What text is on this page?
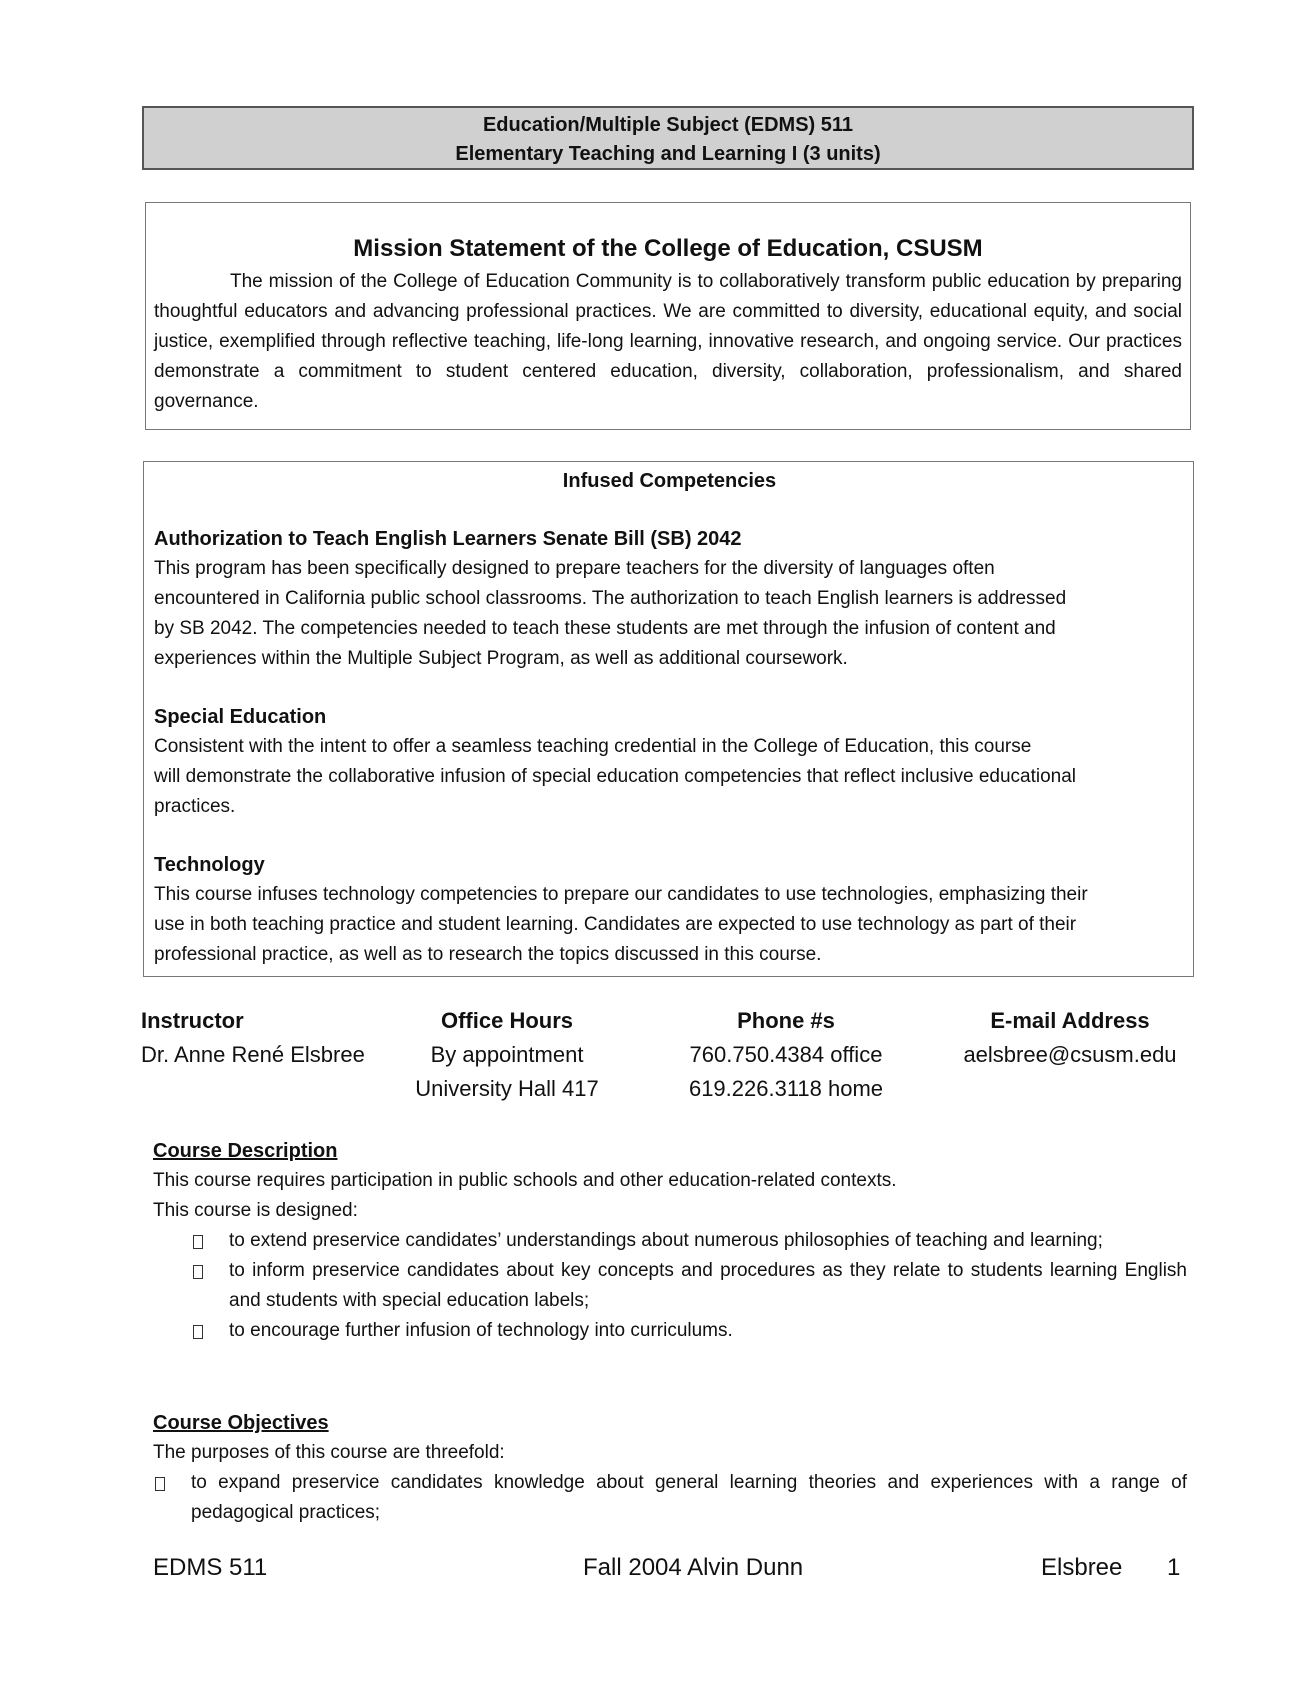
Education/Multiple Subject (EDMS) 511
Elementary Teaching and Learning I (3 units)

Mission Statement of the College of Education, CSUSM

The mission of the College of Education Community is to collaboratively transform public education by preparing thoughtful educators and advancing professional practices. We are committed to diversity, educational equity, and social justice, exemplified through reflective teaching, life-long learning, innovative research, and ongoing service. Our practices demonstrate a commitment to student centered education, diversity, collaboration, professionalism, and shared governance.

Infused Competencies

Authorization to Teach English Learners Senate Bill (SB) 2042

This program has been specifically designed to prepare teachers for the diversity of languages often
encountered in California public school classrooms. The authorization to teach English learners is addressed
by SB 2042. The competencies needed to teach these students are met through the infusion of content and
experiences within the Multiple Subject Program, as well as additional coursework.

Special Education

Consistent with the intent to offer a seamless teaching credential in the College of Education, this course
will demonstrate the collaborative infusion of special education competencies that reflect inclusive educational
practices.

Technology

This course infuses technology competencies to prepare our candidates to use technologies, emphasizing their
use in both teaching practice and student learning. Candidates are expected to use technology as part of their
professional practice, as well as to research the topics discussed in this course.
Instructor
Dr. Anne René Elsbree
Office Hours
By appointment
University Hall 417
Phone #s
760.750.4384 office
619.226.3118 home
E-mail Address
aelsbree@csusm.edu

Course Description

This course requires participation in public schools and other education-related contexts.

This course is designed:

to extend preservice candidates’ understandings about numerous philosophies of teaching and learning;
to inform preservice candidates about key concepts and procedures as they relate to students learning English and students with special education labels;
to encourage further infusion of technology into curriculums.

Course Objectives

The purposes of this course are threefold:

to expand preservice candidates knowledge about general learning theories and experiences with a range of pedagogical practices;
EDMS 511	Fall 2004 Alvin Dunn	Elsbree 1
